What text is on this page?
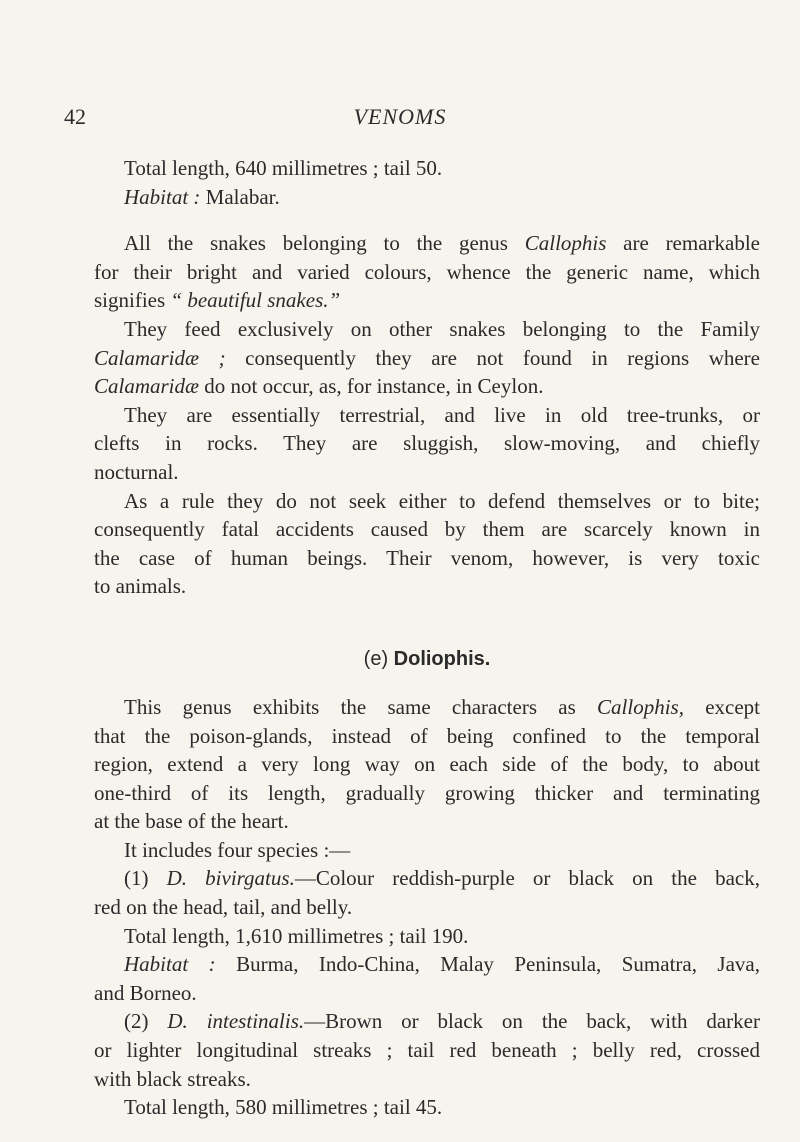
42	VENOMS
Total length, 640 millimetres ; tail 50.
Habitat : Malabar.
All the snakes belonging to the genus Callophis are remarkable
for their bright and varied colours, whence the generic name, which
signifies “ beautiful snakes.”
They feed exclusively on other snakes belonging to the Family
Calamaridæ ; consequently they are not found in regions where
Calamaridæ do not occur, as, for instance, in Ceylon.
They are essentially terrestrial, and live in old tree-trunks, or
clefts in rocks. They are sluggish, slow-moving, and chiefly
nocturnal.
As a rule they do not seek either to defend themselves or to bite;
consequently fatal accidents caused by them are scarcely known in
the case of human beings. Their venom, however, is very toxic
to animals.
(e) Doliophis.
This genus exhibits the same characters as Callophis, except
that the poison-glands, instead of being confined to the temporal
region, extend a very long way on each side of the body, to about
one-third of its length, gradually growing thicker and terminating
at the base of the heart.
It includes four species :—
(1) D. bivirgatus.—Colour reddish-purple or black on the back,
red on the head, tail, and belly.
Total length, 1,610 millimetres ; tail 190.
Habitat : Burma, Indo-China, Malay Peninsula, Sumatra, Java,
and Borneo.
(2) D. intestinalis.—Brown or black on the back, with darker
or lighter longitudinal streaks ; tail red beneath ; belly red, crossed
with black streaks.
Total length, 580 millimetres ; tail 45.
